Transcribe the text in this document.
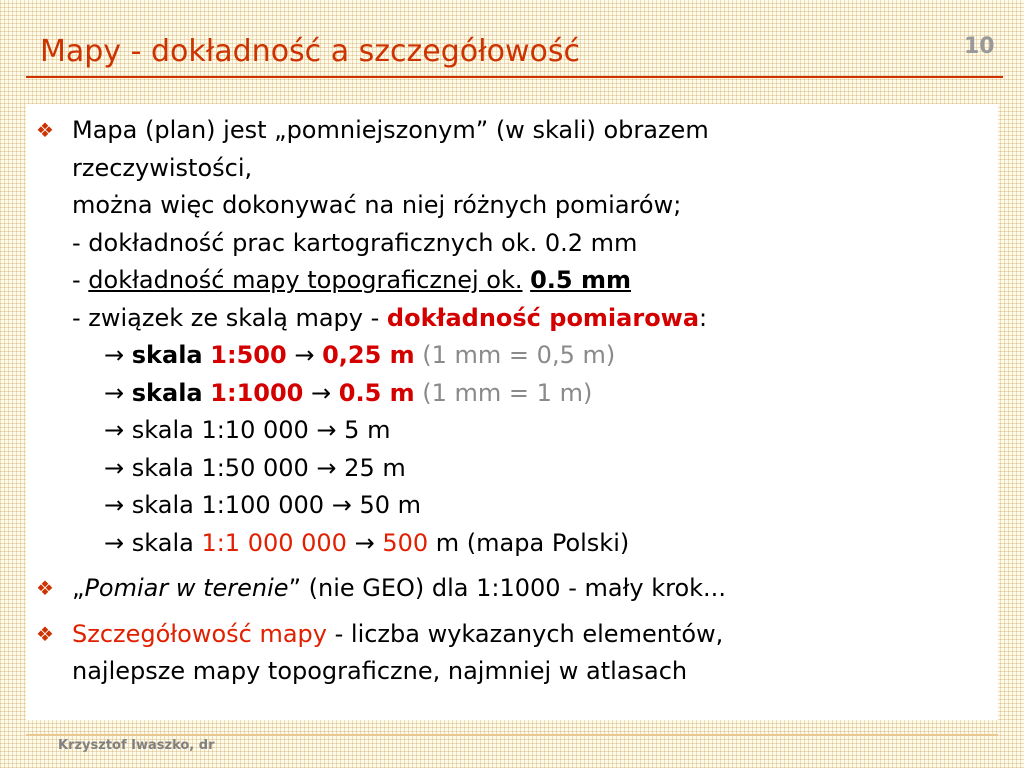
Mapy - dokładność a szczegółowość	10
❖ Mapa (plan) jest „pomniejszonym” (w skali) obrazem
rzeczywistości,
można więc dokonywać na niej różnych pomiarów;
- dokładność prac kartograficznych ok. 0.2 mm
- dokładność mapy topograficznej ok. 0.5 mm
- związek ze skalą mapy - dokładność pomiarowa:
→ skala 1:500 → 0,25 m (1 mm = 0,5 m)
→ skala 1:1000 → 0.5 m (1 mm = 1 m)
→ skala 1:10 000 → 5 m
→ skala 1:50 000 → 25 m
→ skala 1:100 000 → 50 m
→ skala 1:1 000 000 → 500 m (mapa Polski)
❖ „Pomiar w terenie” (nie GEO) dla 1:1000 - mały krok...
❖ Szczegółowość mapy - liczba wykazanych elementów,
najlepsze mapy topograficzne, najmniej w atlasach
Krzysztof Iwaszko, dr
